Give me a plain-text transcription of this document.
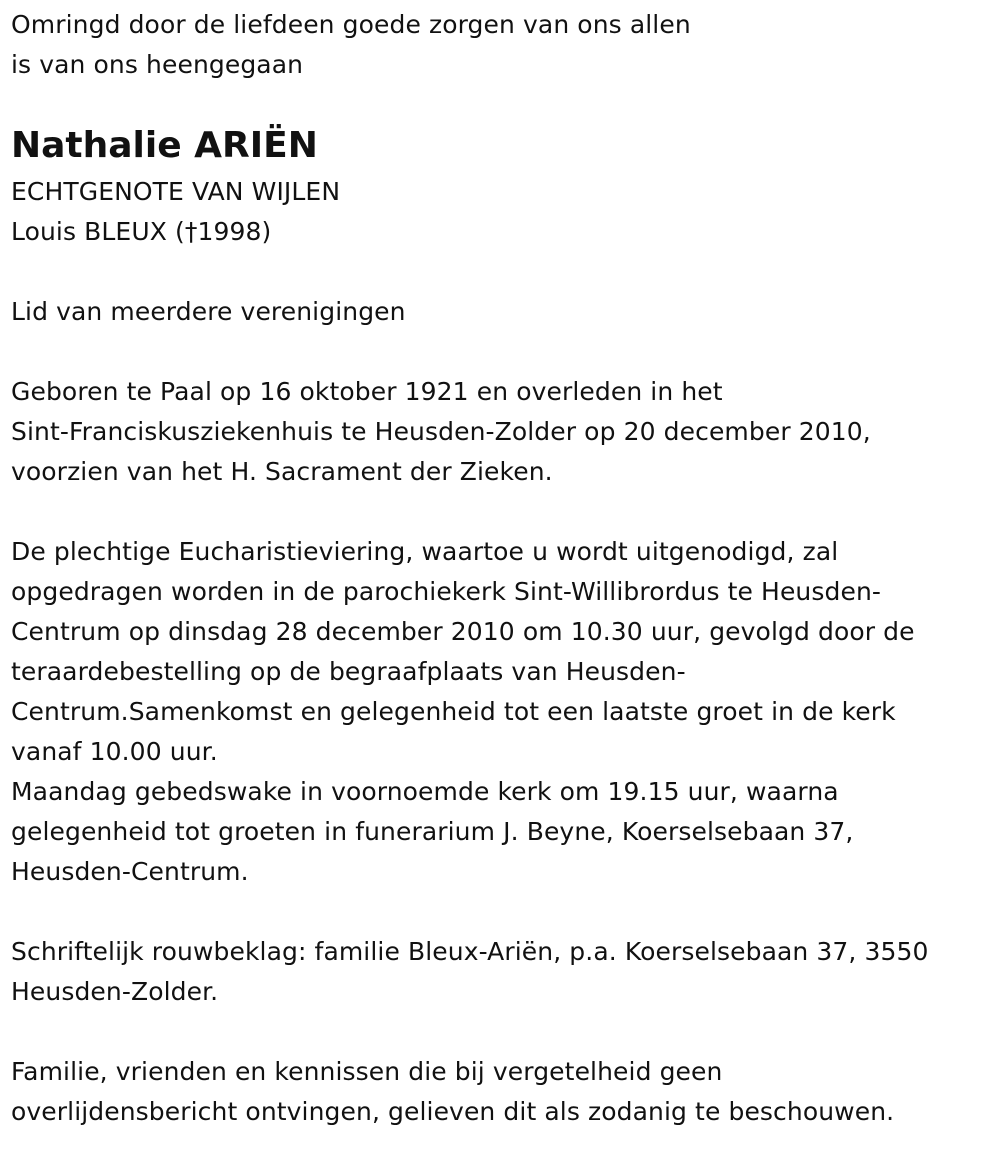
Omringd door de liefdeen goede zorgen van ons allen
is van ons heengegaan
Nathalie ARIËN
ECHTGENOTE VAN WIJLEN
Louis BLEUX (†1998)
Lid van meerdere verenigingen
Geboren te Paal op 16 oktober 1921 en overleden in het
Sint-Franciskusziekenhuis te Heusden-Zolder op 20 december 2010,
voorzien van het H. Sacrament der Zieken.
De plechtige Eucharistieviering, waartoe u wordt uitgenodigd, zal
opgedragen worden in de parochiekerk Sint-Willibrordus te Heusden-
Centrum op dinsdag 28 december 2010 om 10.30 uur, gevolgd door de
teraardebestelling op de begraafplaats van Heusden-
Centrum.Samenkomst en gelegenheid tot een laatste groet in de kerk
vanaf 10.00 uur.
Maandag gebedswake in voornoemde kerk om 19.15 uur, waarna
gelegenheid tot groeten in funerarium J. Beyne, Koerselsebaan 37,
Heusden-Centrum.
Schriftelijk rouwbeklag: familie Bleux-Ariën, p.a. Koerselsebaan 37, 3550
Heusden-Zolder.
Familie, vrienden en kennissen die bij vergetelheid geen
overlijdensbericht ontvingen, gelieven dit als zodanig te beschouwen.
